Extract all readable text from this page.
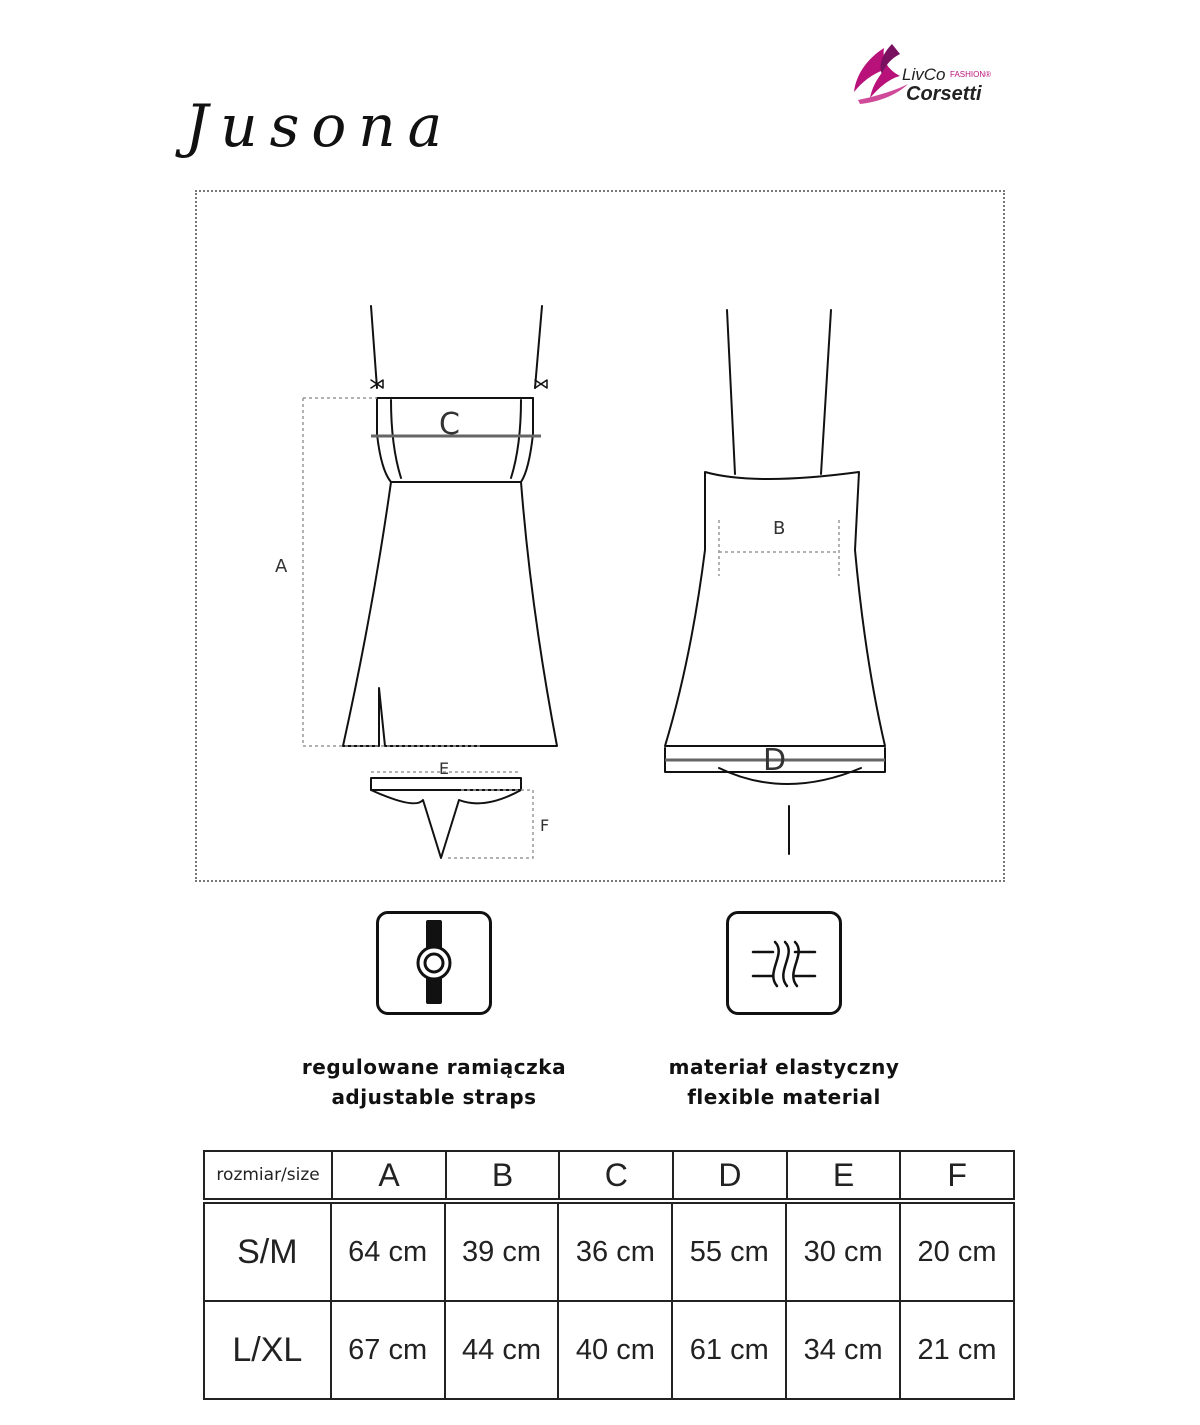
Jusona
LivCo FASHION®
Corsetti
A
C
B
D
E
F
regulowane ramiączka
adjustable straps
materiał elastyczny
flexible material
rozmiar/size	A	B	C	D	E	F
S/M	64 cm	39 cm	36 cm	55 cm	30 cm	20 cm
L/XL	67 cm	44 cm	40 cm	61 cm	34 cm	21 cm
